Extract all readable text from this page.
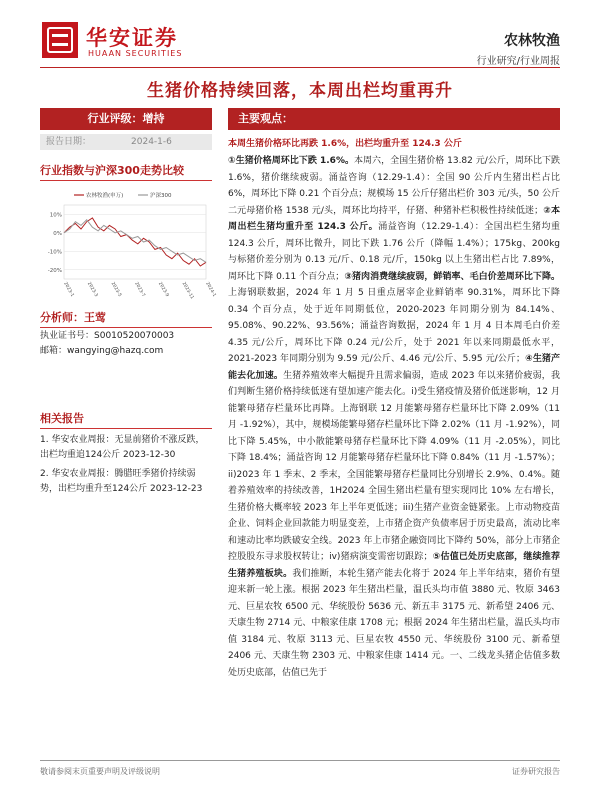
华安证券
HUAAN SECURITIES
农林牧渔
行业研究/行业周报
生猪价格持续回落，本周出栏均重再升
行业评级：增持
报告日期：	2024-1-6
行业指数与沪深300走势比较
10%
0%
-10%
-20%
2023-1	2023-3	2023-5	2023-7	2023-9	2023-11 2024-1
农林牧渔(申万)	沪深300
分析师：王莺
执业证书号：S0010520070003
邮箱：wangying@hazq.com
相关报告
1. 华安农业周报：无显前猪价不涨反跌，出栏均重追124公斤 2023-12-30
2. 华安农业周报：腾腊旺季猪价持续弱势，出栏均重升至124公斤 2023-12-23
主要观点：
本周生猪价格环比再跌 1.6%，出栏均重升至 124.3 公斤
①生猪价格周环比下跌 1.6%。本周六，全国生猪价格 13.82 元/公斤，周环比下跌 1.6%，猪价继续疲弱。涌益咨询（12.29-1.4）：全国 90 公斤内生猪出栏占比 6%，周环比下降 0.21 个百分点；规模场 15 公斤仔猪出栏价 303 元/头，50 公斤二元母猪价格 1538 元/头，周环比均持平，仔猪、种猪补栏积极性持续低迷；②本周出栏生猪均重升至 124.3 公斤。涌益咨询（12.29-1.4）：全国出栏生猪均重 124.3 公斤，周环比微升，同比下跌 1.76 公斤（降幅 1.4%）；175kg、200kg 与标猪价差分别为 0.13 元/斤、0.18 元/斤，150kg 以上生猪出栏占比 7.89%，周环比下降 0.11 个百分点；③猪肉消费继续疲弱，鲜销率、毛白价差周环比下降。上海钢联数据，2024 年 1 月 5 日重点屠宰企业鲜销率 90.31%，周环比下降 0.34 个百分点，处于近年同期低位，2020-2023 年同期分别为 84.14%、95.08%、90.22%、93.56%；涌益咨询数据，2024 年 1 月 4 日本周毛白价差 4.35 元/公斤，周环比下降 0.24 元/公斤，处于 2021 年以来同期最低水平，2021-2023 年同期分别为 9.59 元/公斤、4.46 元/公斤、5.95 元/公斤；④生猪产能去化加速。生猪养殖效率大幅提升且需求偏弱，造成 2023 年以来猪价疲弱，我们判断生猪价格持续低迷有望加速产能去化。i)受生猪疫情及猪价低迷影响，12 月能繁母猪存栏量环比再降。上海钢联 12 月能繁母猪存栏量环比下降 2.09%（11 月 -1.92%），其中，规模场能繁母猪存栏量环比下降 2.02%（11 月 -1.92%），同比下降 5.45%，中小散能繁母猪存栏量环比下降 4.09%（11 月 -2.05%），同比下降 18.4%；涌益咨询 12 月能繁母猪存栏量环比下降 0.84%（11 月 -1.57%）；ii)2023 年 1 季末、2 季末，全国能繁母猪存栏量同比分别增长 2.9%、0.4%。随着养殖效率的持续改善，1H2024 全国生猪出栏量有望实现同比 10% 左右增长，生猪价格大概率较 2023 年上半年更低迷；iii)生猪产业资金链紧张。上市动物疫苗企业、饲料企业回款能力明显变差，上市猪企资产负债率居于历史最高，流动比率和速动比率均跌破安全线。2023 年上市猪企融资同比下降约 50%，部分上市猪企控股股东寻求股权转让；iv)猪病演变需密切跟踪；⑤估值已处历史底部，继续推荐生猪养殖板块。我们推断，本轮生猪产能去化将于 2024 年上半年结束，猪价有望迎来新一轮上涨。根据 2023 年生猪出栏量，温氏头均市值 3880 元、牧原 3463 元、巨星农牧 6500 元、华统股份 5636 元、新五丰 3175 元、新希望 2406 元、天康生物 2714 元、中粮家佳康 1708 元；根据 2024 年生猪出栏量，温氏头均市值 3184 元、牧原 3113 元、巨星农牧 4550 元、华统股份 3100 元、新希望 2406 元、天康生物 2303 元、中粮家佳康 1414 元。一、二线龙头猪企估值多数处历史底部，估值已先于
敬请参阅末页重要声明及评级说明	证券研究报告
